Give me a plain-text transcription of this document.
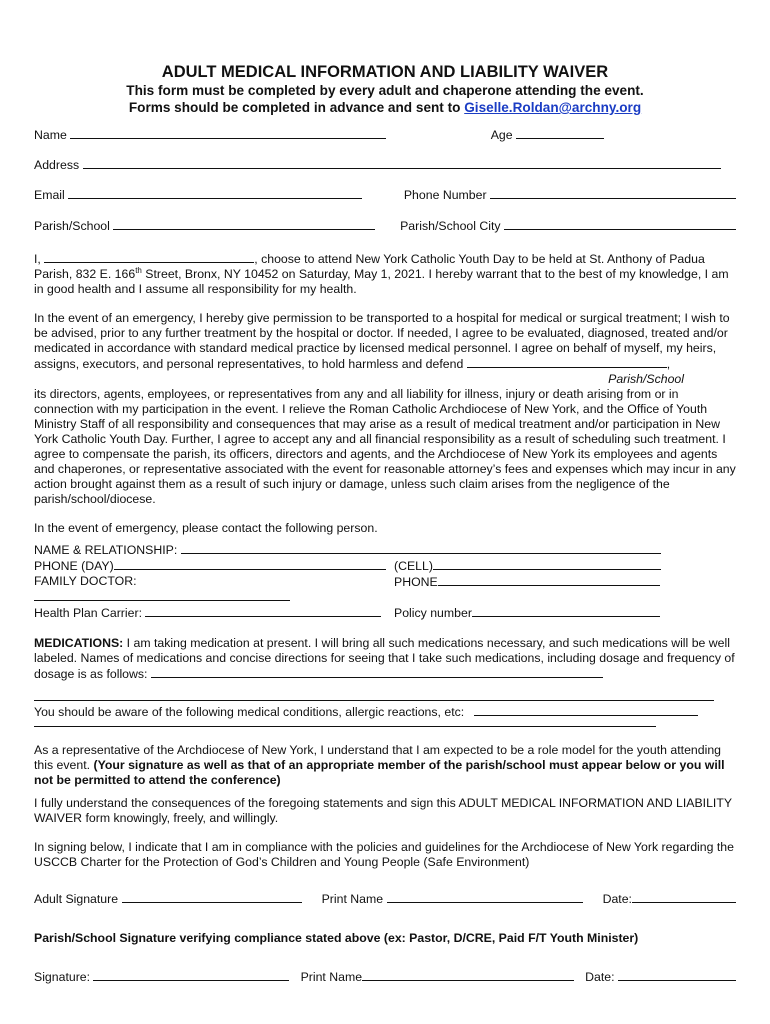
ADULT MEDICAL INFORMATION AND LIABILITY WAIVER

This form must be completed by every adult and chaperone attending the event.

Forms should be completed in advance and sent to Giselle.Roldan@archny.org

Name	Age
Address
Email	Phone Number
Parish/School	Parish/School City

I,	, choose to attend New York Catholic Youth Day to be held at St. Anthony of Padua Parish, 832 E. 166th Street, Bronx, NY 10452 on Saturday, May 1, 2021. I hereby warrant that to the best of my knowledge, I am in good health and I assume all responsibility for my health.

In the event of an emergency, I hereby give permission to be transported to a hospital for medical or surgical treatment; I wish to be advised, prior to any further treatment by the hospital or doctor. If needed, I agree to be evaluated, diagnosed, treated and/or medicated in accordance with standard medical practice by licensed medical personnel. I agree on behalf of myself, my heirs, assigns, executors, and personal representatives, to hold harmless and defend	,

Parish/School

its directors, agents, employees, or representatives from any and all liability for illness, injury or death arising from or in connection with my participation in the event. I relieve the Roman Catholic Archdiocese of New York, and the Office of Youth Ministry Staff of all responsibility and consequences that may arise as a result of medical treatment and/or participation in New York Catholic Youth Day. Further, I agree to accept any and all financial responsibility as a result of scheduling such treatment. I agree to compensate the parish, its officers, directors and agents, and the Archdiocese of New York its employees and agents and chaperones, or representative associated with the event for reasonable attorney’s fees and expenses which may incur in any action brought against them as a result of such injury or damage, unless such claim arises from the negligence of the parish/school/diocese.

In the event of emergency, please contact the following person.

NAME & RELATIONSHIP:
PHONE (DAY)	(CELL)
FAMILY DOCTOR:	PHONE
Health Plan Carrier:	Policy number

MEDICATIONS: I am taking medication at present. I will bring all such medications necessary, and such medications will be well labeled. Names of medications and concise directions for seeing that I take such medications, including dosage and frequency of dosage is as follows:

You should be aware of the following medical conditions, allergic reactions, etc:

As a representative of the Archdiocese of New York, I understand that I am expected to be a role model for the youth attending this event. (Your signature as well as that of an appropriate member of the parish/school must appear below or you will not be permitted to attend the conference)

I fully understand the consequences of the foregoing statements and sign this ADULT MEDICAL INFORMATION AND LIABILITY WAIVER form knowingly, freely, and willingly.

In signing below, I indicate that I am in compliance with the policies and guidelines for the Archdiocese of New York regarding the USCCB Charter for the Protection of God’s Children and Young People (Safe Environment)

Adult Signature	Print Name	Date:

Parish/School Signature verifying compliance stated above (ex: Pastor, D/CRE, Paid F/T Youth Minister)

Signature:	Print Name	Date:
